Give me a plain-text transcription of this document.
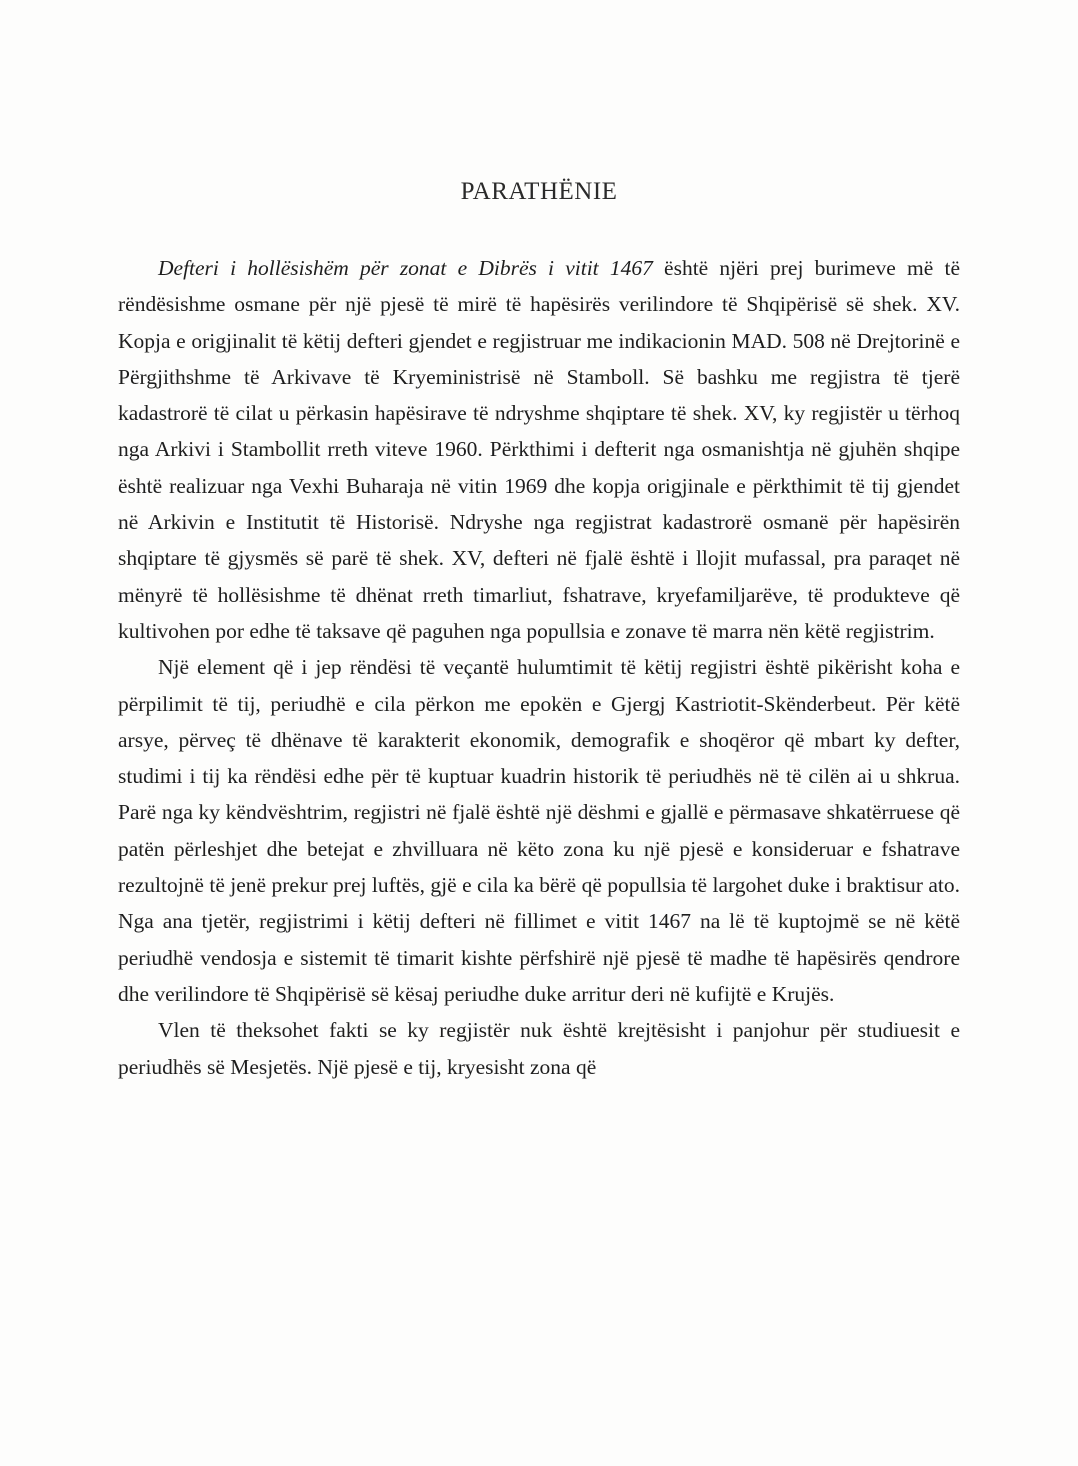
PARATHËNIE

Defteri i hollësishëm për zonat e Dibrës i vitit 1467 është njëri prej burimeve më të rëndësishme osmane për një pjesë të mirë të hapësirës verilindore të Shqipërisë së shek. XV. Kopja e origjinalit të këtij defteri gjendet e regjistruar me indikacionin MAD. 508 në Drejtorinë e Përgjithshme të Arkivave të Kryeministrisë në Stamboll. Së bashku me regjistra të tjerë kadastrorë të cilat u përkasin hapësirave të ndryshme shqiptare të shek. XV, ky regjistër u tërhoq nga Arkivi i Stambollit rreth viteve 1960. Përkthimi i defterit nga osmanishtja në gjuhën shqipe është realizuar nga Vexhi Buharaja në vitin 1969 dhe kopja origjinale e përkthimit të tij gjendet në Arkivin e Institutit të Historisë. Ndryshe nga regjistrat kadastrorë osmanë për hapësirën shqiptare të gjysmës së parë të shek. XV, defteri në fjalë është i llojit mufassal, pra paraqet në mënyrë të hollësishme të dhënat rreth timarliut, fshatrave, kryefamiljarëve, të produkteve që kultivohen por edhe të taksave që paguhen nga popullsia e zonave të marra nën këtë regjistrim.

Një element që i jep rëndësi të veçantë hulumtimit të këtij regjistri është pikërisht koha e përpilimit të tij, periudhë e cila përkon me epokën e Gjergj Kastriotit-Skënderbeut. Për këtë arsye, përveç të dhënave të karakterit ekonomik, demografik e shoqëror që mbart ky defter, studimi i tij ka rëndësi edhe për të kuptuar kuadrin historik të periudhës në të cilën ai u shkrua. Parë nga ky këndvështrim, regjistri në fjalë është një dëshmi e gjallë e përmasave shkatërruese që patën përleshjet dhe betejat e zhvilluara në këto zona ku një pjesë e konsideruar e fshatrave rezultojnë të jenë prekur prej luftës, gjë e cila ka bërë që popullsia të largohet duke i braktisur ato. Nga ana tjetër, regjistrimi i këtij defteri në fillimet e vitit 1467 na lë të kuptojmë se në këtë periudhë vendosja e sistemit të timarit kishte përfshirë një pjesë të madhe të hapësirës qendrore dhe verilindore të Shqipërisë së kësaj periudhe duke arritur deri në kufijtë e Krujës.

Vlen të theksohet fakti se ky regjistër nuk është krejtësisht i panjohur për studiuesit e periudhës së Mesjetës. Një pjesë e tij, kryesisht zona që
